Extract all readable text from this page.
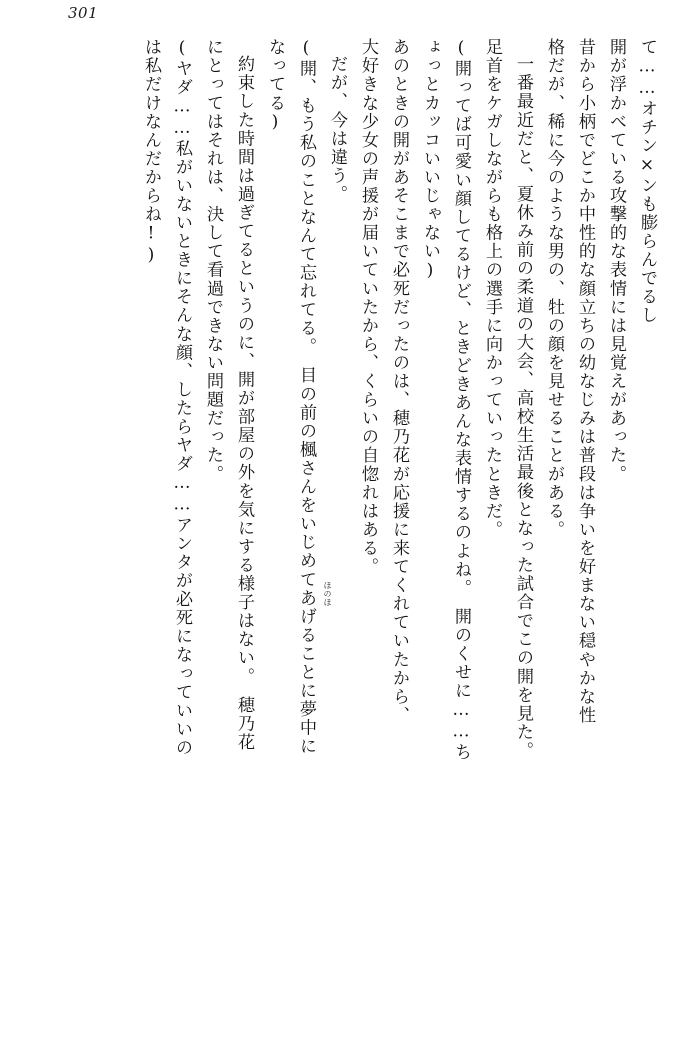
301
て……オチン×ンも膨らんでるし
開が浮かべている攻撃的な表情には見覚えがあった。
昔から小柄でどこか中性的な顔立ちの幼なじみは普段は争いを好まない穏やかな性
格だが、稀に今のような男の、牡の顔を見せることがある。
一番最近だと、夏休み前の柔道の大会、高校生活最後となった試合でこの開を見た。
足首をケガしながらも格上の選手に向かっていったときだ。
(開ってば可愛い顔してるけど、ときどきあんな表情するのよね。　開のくせに……ち
ょっとカッコいいじゃない)
あのときの開があそこまで必死だったのは、穂乃花が応援に来てくれていたから、
大好きな少女の声援が届いていたから、くらいの自惚れはある。
だが、今は違う。
(開、もう私のことなんて忘れてる。　目の前の楓さんをいじめてあげることに夢中に
なってる)
約束した時間は過ぎてるというのに、開が部屋の外を気にする様子はない。　穂乃花
にとってはそれは、決して看過できない問題だった。
(ヤダ……私がいないときにそんな顔、したらヤダ……アンタが必死になっていいの
は私だけなんだからね!)
ほのほ
